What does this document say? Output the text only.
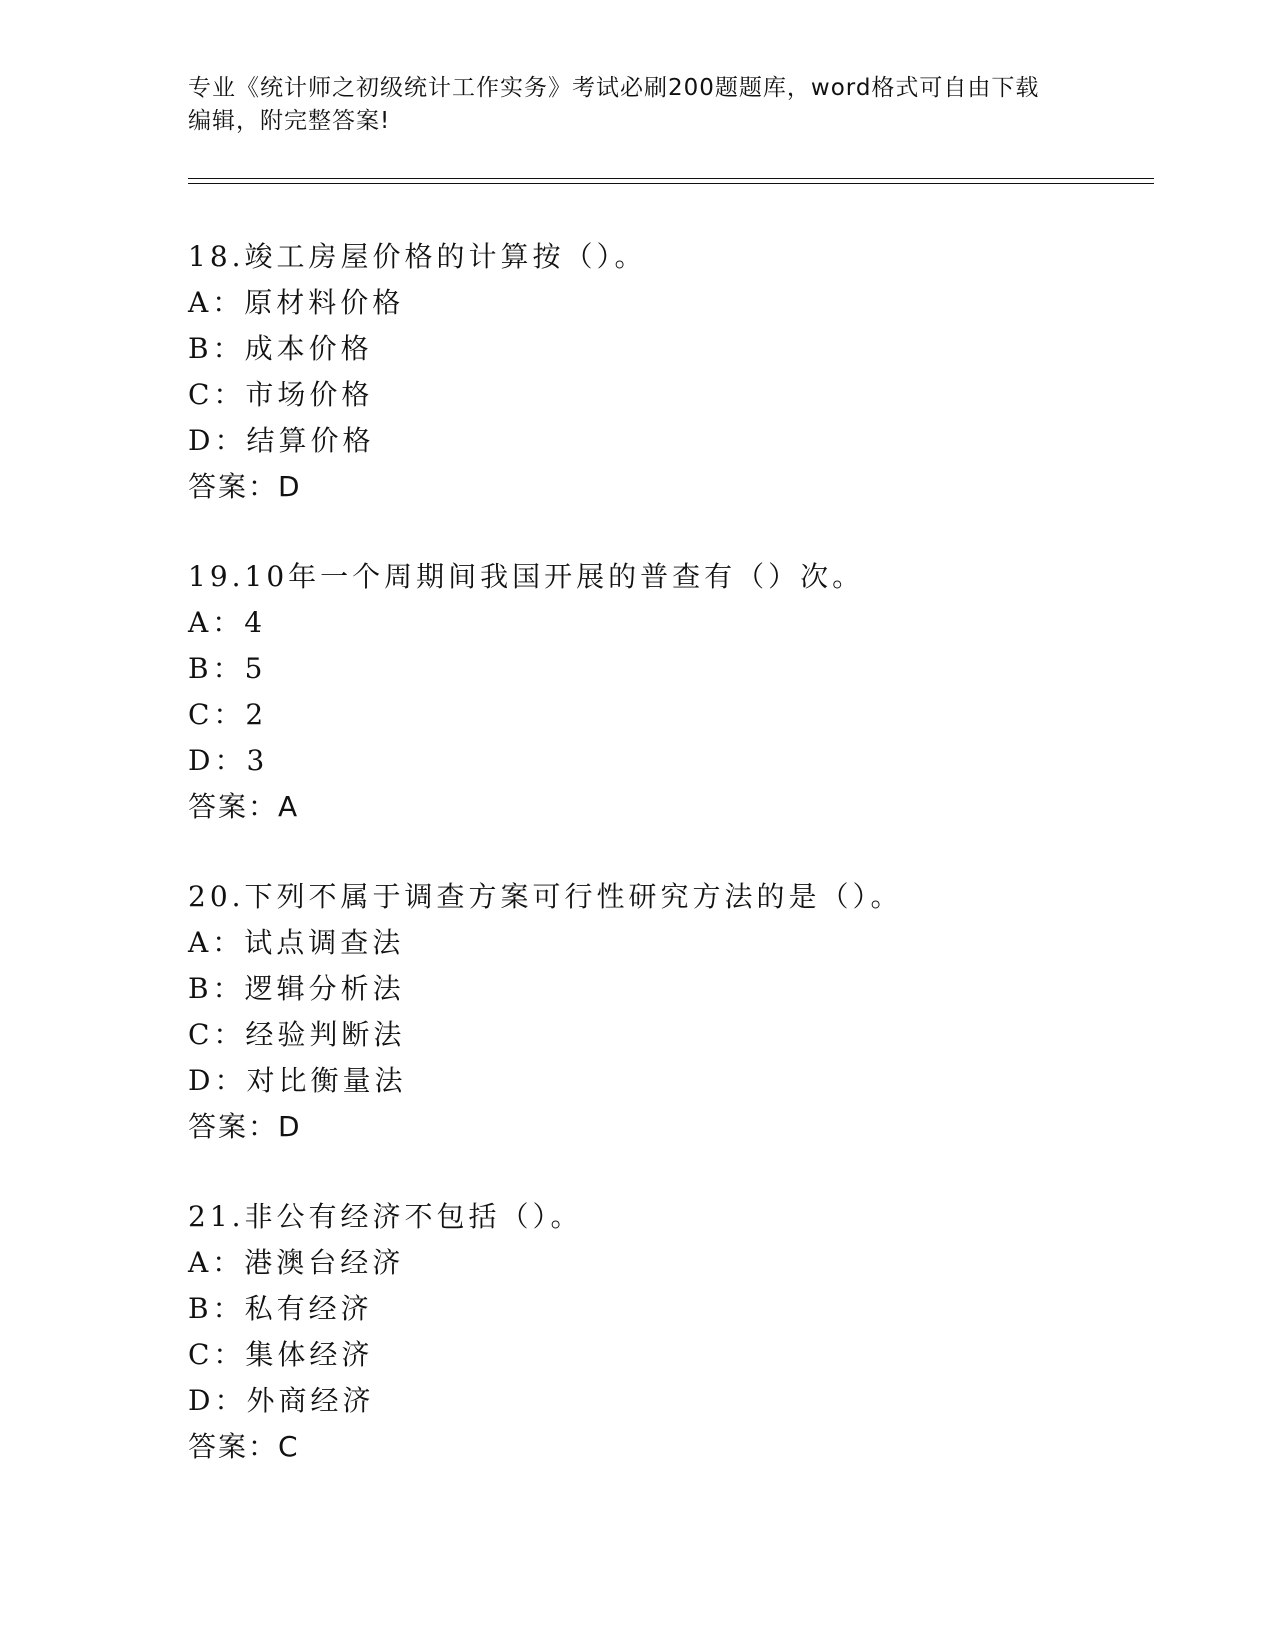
专业《统计师之初级统计工作实务》考试必刷200题题库，word格式可自由下载
编辑，附完整答案!
18.竣工房屋价格的计算按（）。
A：原材料价格
B：成本价格
C：市场价格
D：结算价格
答案：D
19.10年一个周期间我国开展的普查有（）次。
A：4
B：5
C：2
D：3
答案：A
20.下列不属于调查方案可行性研究方法的是（）。
A：试点调查法
B：逻辑分析法
C：经验判断法
D：对比衡量法
答案：D
21.非公有经济不包括（）。
A：港澳台经济
B：私有经济
C：集体经济
D：外商经济
答案：C
